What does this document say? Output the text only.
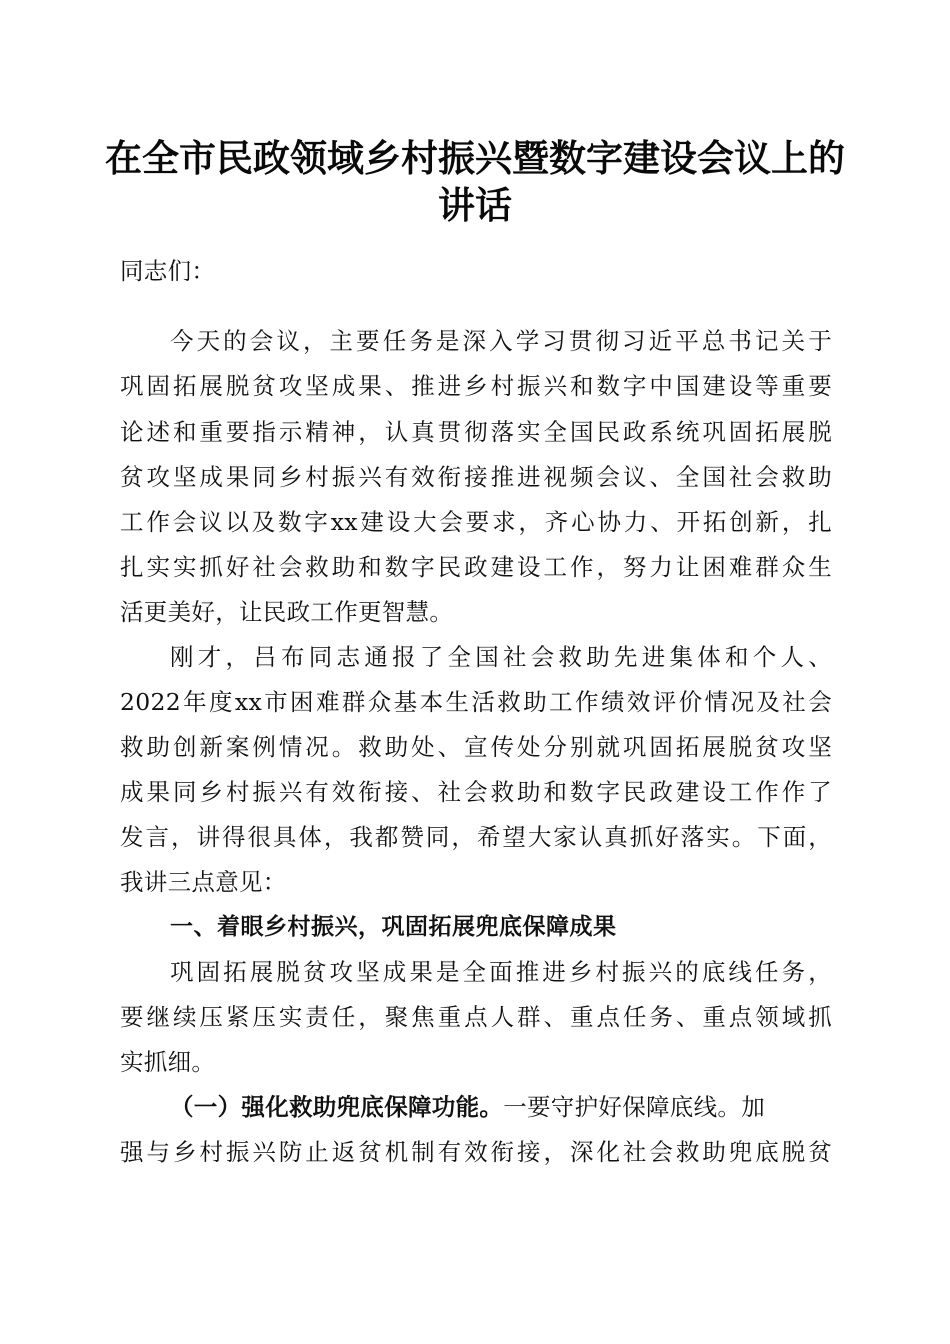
在全市民政领域乡村振兴暨数字建设会议上的
讲话
同志们：
今天的会议，主要任务是深入学习贯彻习近平总书记关于
巩固拓展脱贫攻坚成果、推进乡村振兴和数字中国建设等重要
论述和重要指示精神，认真贯彻落实全国民政系统巩固拓展脱
贫攻坚成果同乡村振兴有效衔接推进视频会议、全国社会救助
工作会议以及数字xx建设大会要求，齐心协力、开拓创新，扎
扎实实抓好社会救助和数字民政建设工作，努力让困难群众生
活更美好，让民政工作更智慧。
刚才，吕布同志通报了全国社会救助先进集体和个人、
2022年度xx市困难群众基本生活救助工作绩效评价情况及社会
救助创新案例情况。救助处、宣传处分别就巩固拓展脱贫攻坚
成果同乡村振兴有效衔接、社会救助和数字民政建设工作作了
发言，讲得很具体，我都赞同，希望大家认真抓好落实。下面，
我讲三点意见：
一、着眼乡村振兴，巩固拓展兜底保障成果
巩固拓展脱贫攻坚成果是全面推进乡村振兴的底线任务，
要继续压紧压实责任，聚焦重点人群、重点任务、重点领域抓
实抓细。
（一）强化救助兜底保障功能。一要守护好保障底线。加
强与乡村振兴防止返贫机制有效衔接，深化社会救助兜底脱贫
